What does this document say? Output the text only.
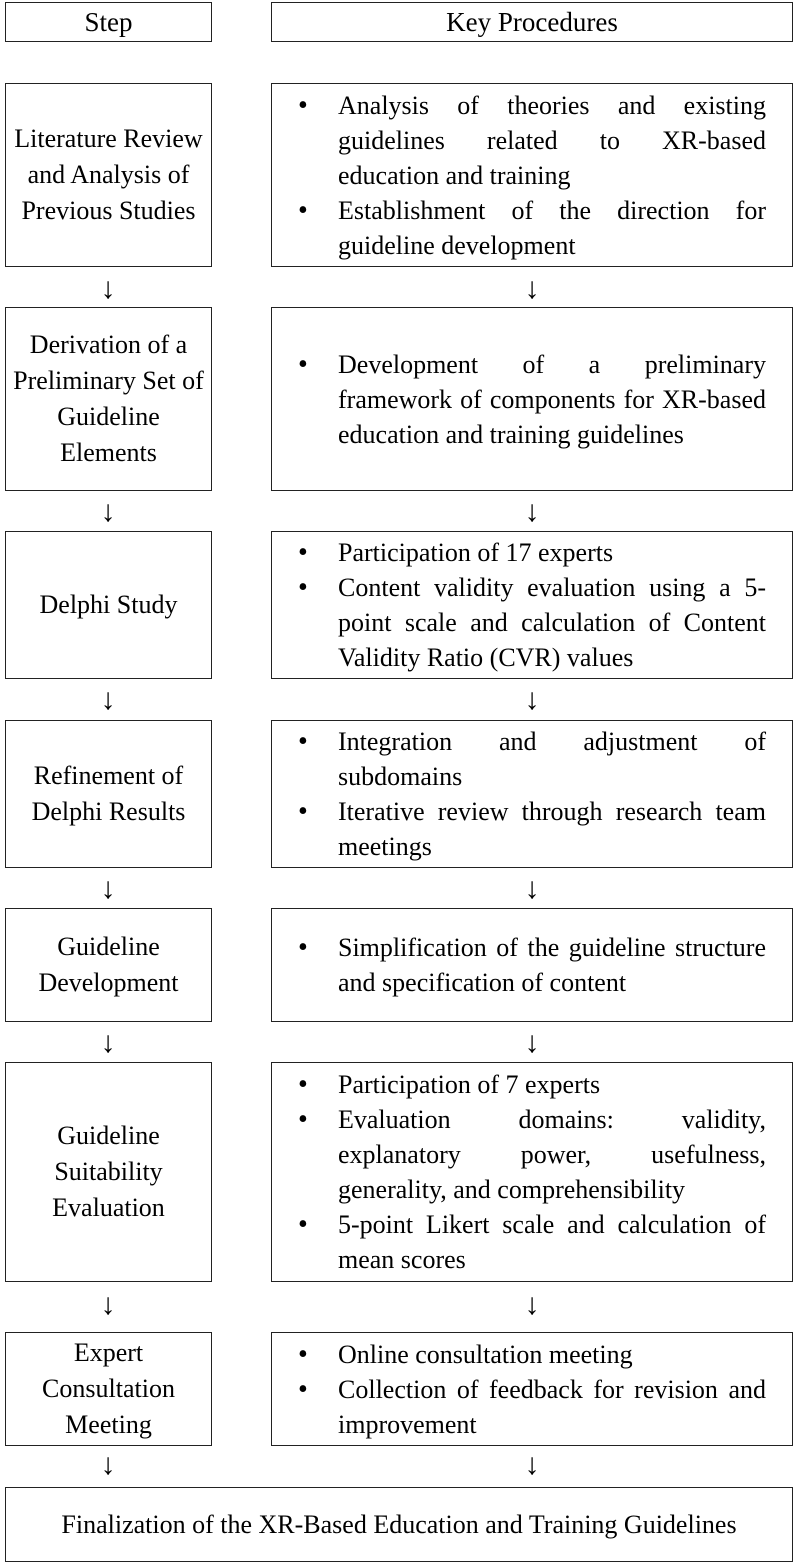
Step	Key Procedures
Literature Review and Analysis of Previous Studies
• Analysis of theories and existing guidelines related to XR-based education and training
• Establishment of the direction for guideline development
↓	↓
Derivation of a Preliminary Set of Guideline Elements
• Development of a preliminary framework of components for XR-based education and training guidelines
↓	↓
Delphi Study
• Participation of 17 experts
• Content validity evaluation using a 5-point scale and calculation of Content Validity Ratio (CVR) values
↓	↓
Refinement of Delphi Results
• Integration and adjustment of subdomains
• Iterative review through research team meetings
↓	↓
Guideline Development
• Simplification of the guideline structure and specification of content
↓	↓
Guideline Suitability Evaluation
• Participation of 7 experts
• Evaluation domains: validity, explanatory power, usefulness, generality, and comprehensibility
• 5-point Likert scale and calculation of mean scores
↓	↓
Expert Consultation Meeting
• Online consultation meeting
• Collection of feedback for revision and improvement
↓	↓
Finalization of the XR-Based Education and Training Guidelines
